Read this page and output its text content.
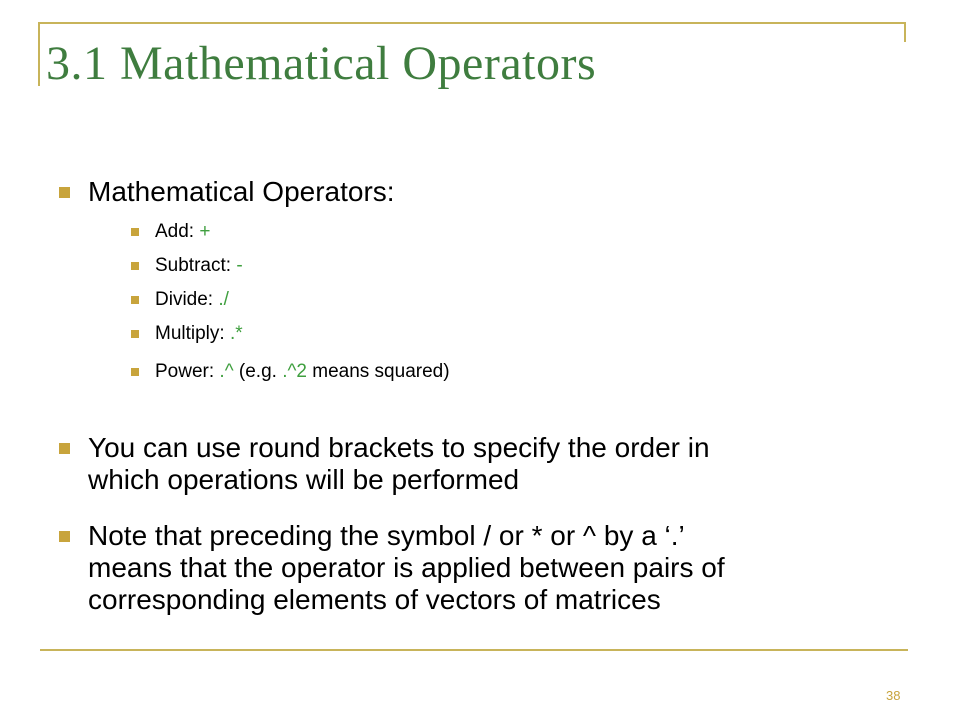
3.1 Mathematical Operators
Mathematical Operators:
Add: +
Subtract: -
Divide: ./
Multiply: .*
Power: .^ (e.g. .^2 means squared)
You can use round brackets to specify the order in
which operations will be performed
Note that preceding the symbol / or * or ^ by a ‘.’
means that the operator is applied between pairs of
corresponding elements of vectors of matrices
38
